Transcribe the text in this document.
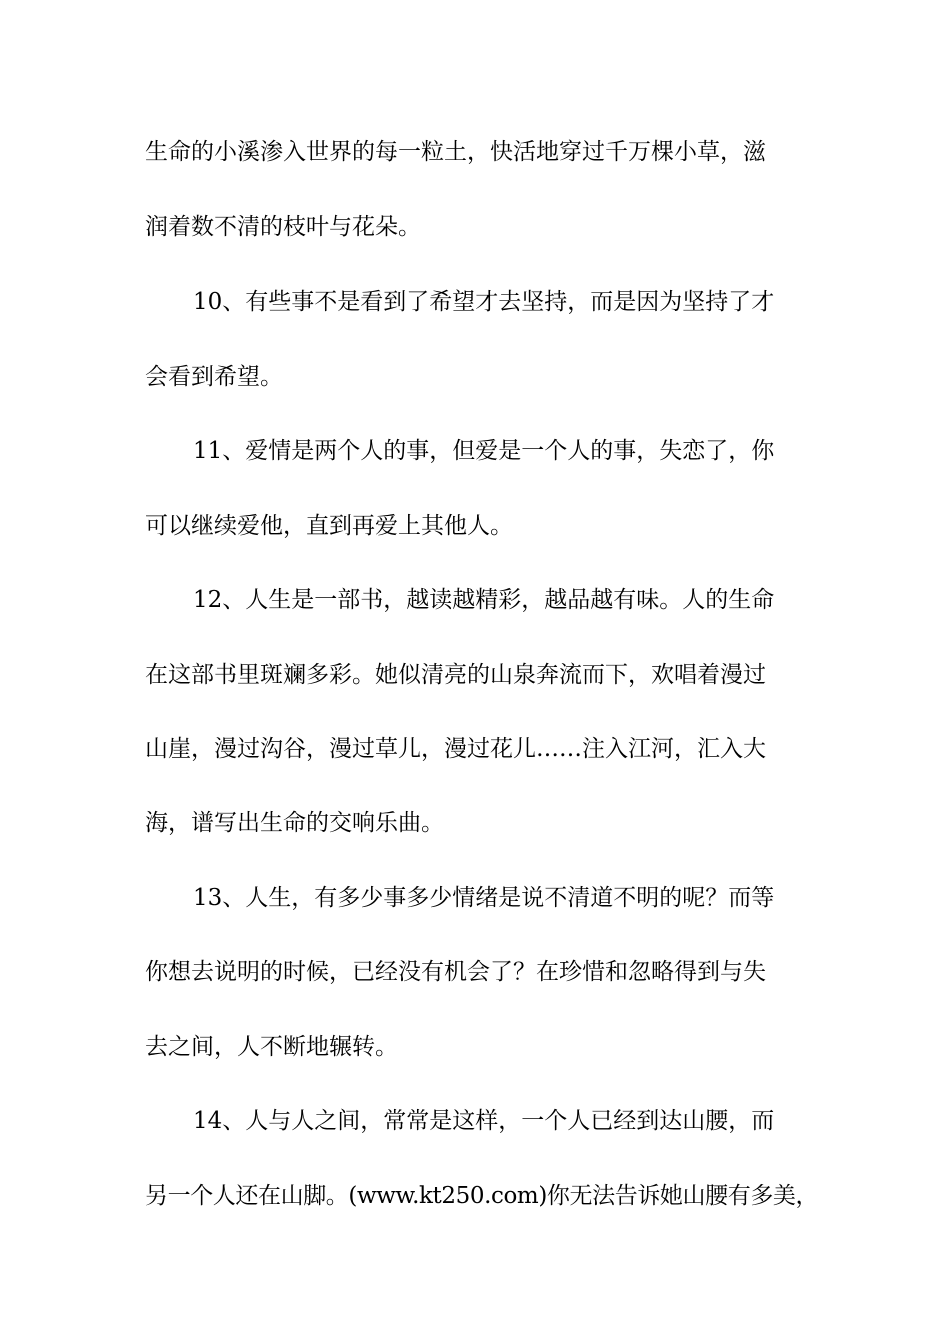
生命的小溪渗入世界的每一粒土，快活地穿过千万棵小草，滋
润着数不清的枝叶与花朵。
10、有些事不是看到了希望才去坚持，而是因为坚持了才
会看到希望。
11、爱情是两个人的事，但爱是一个人的事，失恋了，你
可以继续爱他，直到再爱上其他人。
12、人生是一部书，越读越精彩，越品越有味。人的生命
在这部书里斑斓多彩。她似清亮的山泉奔流而下，欢唱着漫过
山崖，漫过沟谷，漫过草儿，漫过花儿……注入江河，汇入大
海，谱写出生命的交响乐曲。
13、人生，有多少事多少情绪是说不清道不明的呢？而等
你想去说明的时候，已经没有机会了？在珍惜和忽略得到与失
去之间，人不断地辗转。
14、人与人之间，常常是这样，一个人已经到达山腰，而
另一个人还在山脚。(www.kt250.com)你无法告诉她山腰有多美，
